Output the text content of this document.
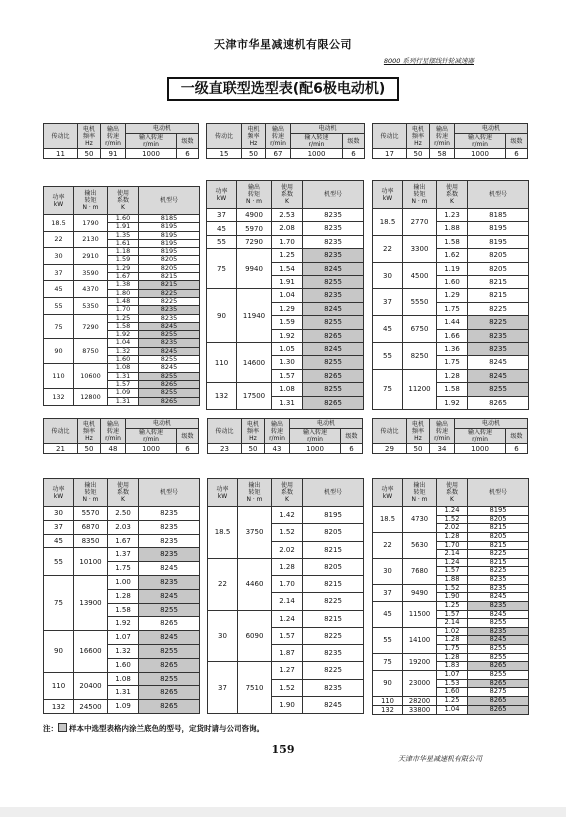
天津市华星减速机有限公司
8000 系列行星摆线针轮减速器
一级直联型选型表(配6极电动机)
传动比	电机
频率
Hz	输出
转速
r/min	电动机	
			输入转速
r/min	级数
11	50	91	1000	6
功率
kW	输出
转矩
N · m	使用
系数
K	机型号
18.5	1790	1.60	8185
		1.91	8195
22	2130	1.35	8195
		1.61	8195
30	2910	1.18	8195
		1.59	8205
37	3590	1.29	8205
		1.67	8215
45	4370	1.38	8215
		1.80	8225
55	5350	1.48	8225
		1.70	8235
75	7290	1.25	8235
		1.58	8245
		1.92	8255
90	8750	1.04	8235
		1.32	8245
		1.60	8255
110	10600	1.08	8245
		1.31	8255
		1.57	8265
132	12800	1.09	8255
		1.31	8265
传动比	电机
频率
Hz	输出
转速
r/min	电动机	
			输入转速
r/min	级数
15	50	67	1000	6
功率
kW	输出
转矩
N · m	使用
系数
K	机型号
37	4900	2.53	8235
45	5970	2.08	8235
55	7290	1.70	8235
75	9940	1.25	8235
		1.54	8245
		1.91	8255
90	11940	1.04	8235
		1.29	8245
		1.59	8255
		1.92	8265
110	14600	1.05	8245
		1.30	8255
		1.57	8265
132	17500	1.08	8255
		1.31	8265
传动比	电机
频率
Hz	输出
转速
r/min	电动机	
			输入转速
r/min	级数
17	50	58	1000	6
功率
kW	输出
转矩
N · m	使用
系数
K	机型号
18.5	2770	1.23	8185
		1.88	8195
22	3300	1.58	8195
		1.62	8205
30	4500	1.19	8205
		1.60	8215
37	5550	1.29	8215
		1.75	8225
45	6750	1.44	8225
		1.66	8235
55	8250	1.36	8235
		1.75	8245
75	11200	1.28	8245
		1.58	8255
		1.92	8265
传动比	电机
频率
Hz	输出
转速
r/min	电动机	
			输入转速
r/min	级数
21	50	48	1000	6
功率
kW	输出
转矩
N · m	使用
系数
K	机型号
30	5570	2.50	8235
37	6870	2.03	8235
45	8350	1.67	8235
55	10100	1.37	8235
		1.75	8245
75	13900	1.00	8235
		1.28	8245
		1.58	8255
		1.92	8265
90	16600	1.07	8245
		1.32	8255
		1.60	8265
110	20400	1.08	8255
		1.31	8265
132	24500	1.09	8265
传动比	电机
频率
Hz	输出
转速
r/min	电动机	
			输入转速
r/min	级数
23	50	43	1000	6
功率
kW	输出
转矩
N · m	使用
系数
K	机型号
18.5	3750	1.42	8195
		1.52	8205
		2.02	8215
22	4460	1.28	8205
		1.70	8215
		2.14	8225
30	6090	1.24	8215
		1.57	8225
		1.87	8235
37	7510	1.27	8225
		1.52	8235
		1.90	8245
传动比	电机
频率
Hz	输出
转速
r/min	电动机	
			输入转速
r/min	级数
29	50	34	1000	6
功率
kW	输出
转矩
N · m	使用
系数
K	机型号
18.5	4730	1.24	8195
		1.52	8205
		2.02	8215
22	5630	1.28	8205
		1.70	8215
		2.14	8225
30	7680	1.24	8215
		1.57	8225
		1.88	8235
37	9490	1.52	8235
		1.90	8245
45	11500	1.25	8235
		1.57	8245
		2.14	8255
55	14100	1.02	8235
		1.28	8245
		1.75	8255
75	19200	1.28	8255
		1.83	8265
90	23000	1.07	8255
		1.53	8265
		1.60	8275
110	28200	1.25	8265
132	33800	1.04	8265
注： 样本中选型表格内涂兰底色的型号，定货时请与公司咨询。
159
天津市华星减速机有限公司
